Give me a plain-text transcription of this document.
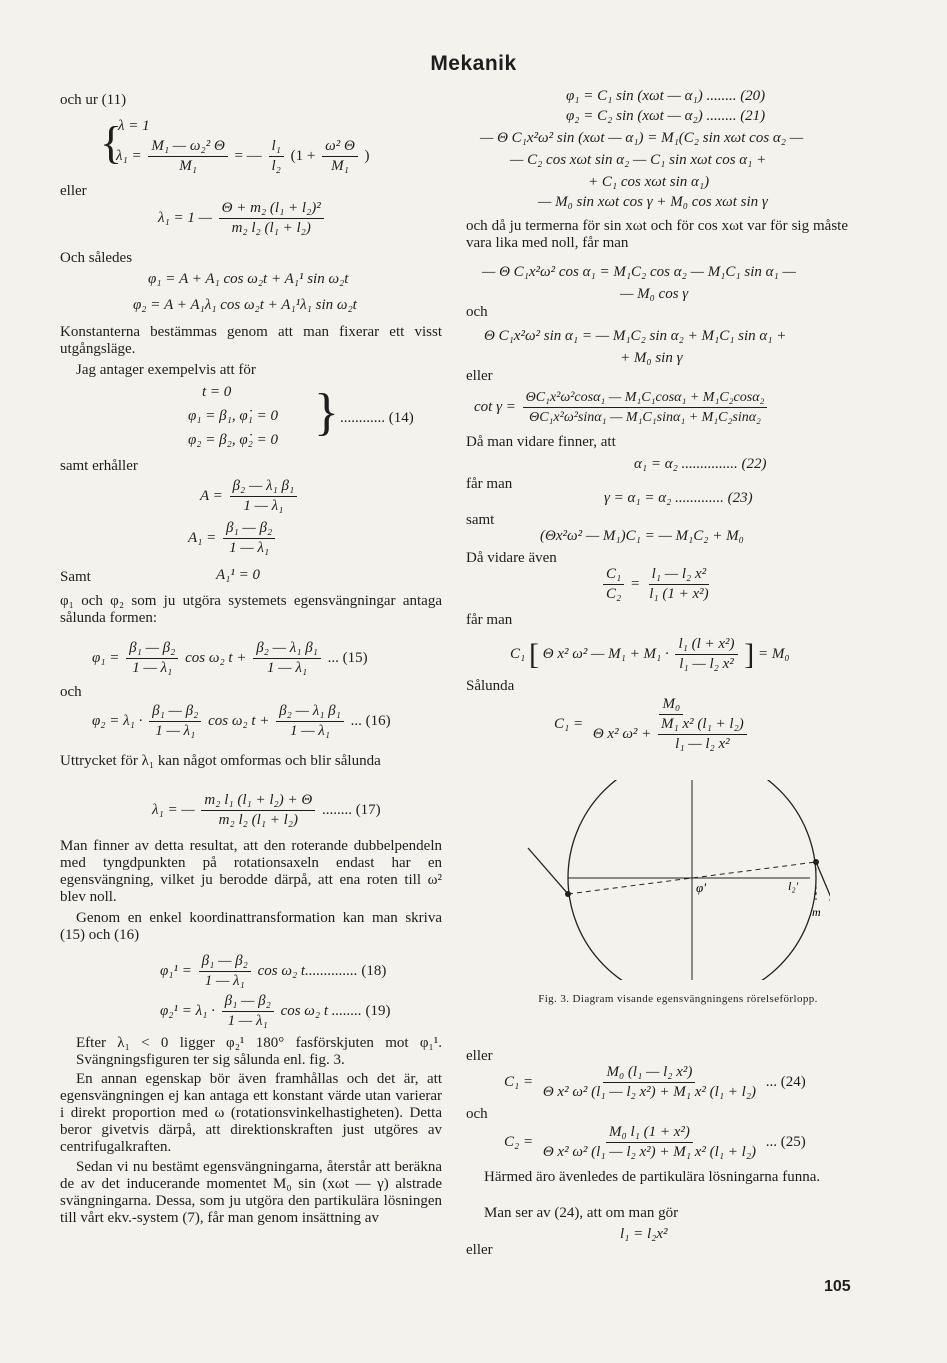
Mekanik
och ur (11)
{
λ = 1
$\lambda_1 = \frac{\text{M₁ — ω₂² Θ}}{\text{M₁}}$ = — $\frac{\text{l₁}}{\text{l₂}} (1 + \frac{\text{ω² Θ}}{\text{M₁}}$ )
eller
λ₁ = 1 — $\frac{\text{Θ + m₂ (l₁ + l₂)²}}{\text{m₂ l₂ (l₁ + l₂)}}$
Och således
φ₁ = A + A₁ cos ω₂t + A₁¹ sin ω₂t
φ₂ = A + A₁λ₁ cos ω₂t + A₁¹λ₁ sin ω₂t
Konstanterna bestämmas genom att man fixerar ett visst utgångsläge.
Jag antager exempelvis att för
t = 0
φ₁ = β₁, φ̇₁ = 0
φ₂ = β₂, φ̇₂ = 0 } ............ (14)
samt erhåller
$A = \frac{\text{β₂ — λ₁ β₁}}{\text{1 — λ₁}}$
$A_1 = \frac{\text{β₁ — β₂}}{\text{1 — λ₁}}$
Samt	A₁¹ = 0
φ₁ och φ₂ som ju utgöra systemets egensvängningar antaga sålunda formen:
$\varphi_1 = \frac{\text{β₁ — β₂}}{\text{1 — λ₁}}$ cos ω₂ $t + \frac{\text{β₂ — λ₁ β₁}}{\text{1 — λ₁}}$ ... (15)
och
$\varphi_2 = \lambda_1 \cdot \frac{\text{β₁ — β₂}}{\text{1 — λ₁}}$ cos ω₂ $t + \frac{\text{β₂ — λ₁ β₁}}{\text{1 — λ₁}}$ ... (16)
Uttrycket för λ₁ kan något omformas och blir sålunda
λ₁ = — $\frac{\text{m₂ l₁ (l₁ + l₂) + Θ}}{\text{m₂ l₂ (l₁ + l₂)}}$ ........ (17)
Man finner av detta resultat, att den roterande dubbelpendeln med tyngdpunkten på rotationsaxeln endast har en egensvängning, vilket ju berodde därpå, att ena roten till ω² blev noll.
Genom en enkel koordinattransformation kan man skriva (15) och (16)
$\varphi_1^1 = \frac{\text{β₁ — β₂}}{\text{1 — λ₁}}$ cos ω₂ t.............. (18)
$\varphi_2^1 = \lambda_1 \cdot \frac{\text{β₁ — β₂}}{\text{1 — λ₁}}$ cos ω₂ t ........ (19)
Efter λ₁ < 0 ligger φ₂¹ 180° fasförskjuten mot φ₁¹. Svängningsfiguren ter sig sålunda enl. fig. 3.
En annan egenskap bör även framhållas och det är, att egensvängningen ej kan antaga ett konstant värde utan varierar i direkt proportion med ω (rotationsvinkelhastigheten). Detta beror givetvis därpå, att direktionskraften just utgöres av centrifugalkraften.
Sedan vi nu bestämt egensvängningarna, återstår att beräkna de av det inducerande momentet M₀ sin (xωt — γ) alstrade svängningarna. Dessa, som ju utgöra den partikulära lösningen till vårt ekv.-system (7), får man genom insättning av
φ₁ = C₁ sin (xωt — α₁) ........ (20)
φ₂ = C₂ sin (xωt — α₂) ........ (21)
— Θ C₁x²ω² sin (xωt — α₁) = M₁(C₂ sin xωt cos α₂ —
— C₂ cos xωt sin α₂ — C₁ sin xωt cos α₁ +
+ C₁ cos xωt sin α₁)
— M₀ sin xωt cos γ + M₀ cos xωt sin γ
och då ju termerna för sin xωt och för cos xωt var för sig måste vara lika med noll, får man
— Θ C₁x²ω² cos α₁ = M₁C₂ cos α₂ — M₁C₁ sin α₁ —
— M₀ cos γ
och
Θ C₁x²ω² sin α₁ = — M₁C₂ sin α₂ + M₁C₁ sin α₁ +
+ M₀ sin γ
eller
$\cot \gamma = \frac{\text{ΘC₁x²ω²cosα₁ — M₁C₁cosα₁ + M₁C₂cosα₂}}{\text{ΘC₁x²ω²sinα₁ — M₁C₁sinα₁ + M₁C₂sinα₂}}$
Då man vidare finner, att
α₁ = α₂ ............... (22)
får man
γ = α₁ = α₂ ............. (23)
samt
(Θx²ω² — M₁)C₁ = — M₁C₂ + M₀
Då vidare även
$\frac{\text{C₁}}{\text{C₂}} = \frac{\text{l₁ — l₂ x²}}{\text{l₁ (1 + x²)}}$
får man
C₁ [ Θ x² ω² — $M_1 + M_1 \cdot \frac{\text{l₁ (l + x²)}}{\text{l₁ — l₂ x²}}$ ] = M₀
Sålunda
$C_1 = \frac{\text{M₀}}{\Theta x^2 \omega^2 + \frac{\text{M₁ x² (l₁ + l₂)}}{\text{l₁ — l₂ x²}}}$
φ'	l₂'
m
Fig. 3. Diagram visande egensvängningens rörelseförlopp.
eller
$C_1 = \frac{\text{M₀ (l₁ — l₂ x²)}}{\text{Θ x² ω² (l₁ — l₂ x²) + M₁ x² (l₁ + l₂)}}$ ... (24)
och
$C_2 = \frac{\text{M₀ l₁ (1 + x²)}}{\text{Θ x² ω² (l₁ — l₂ x²) + M₁ x² (l₁ + l₂)}}$ ... (25)
Härmed äro ävenledes de partikulära lösningarna funna.
Man ser av (24), att om man gör
l₁ = l₂x²
eller
105
